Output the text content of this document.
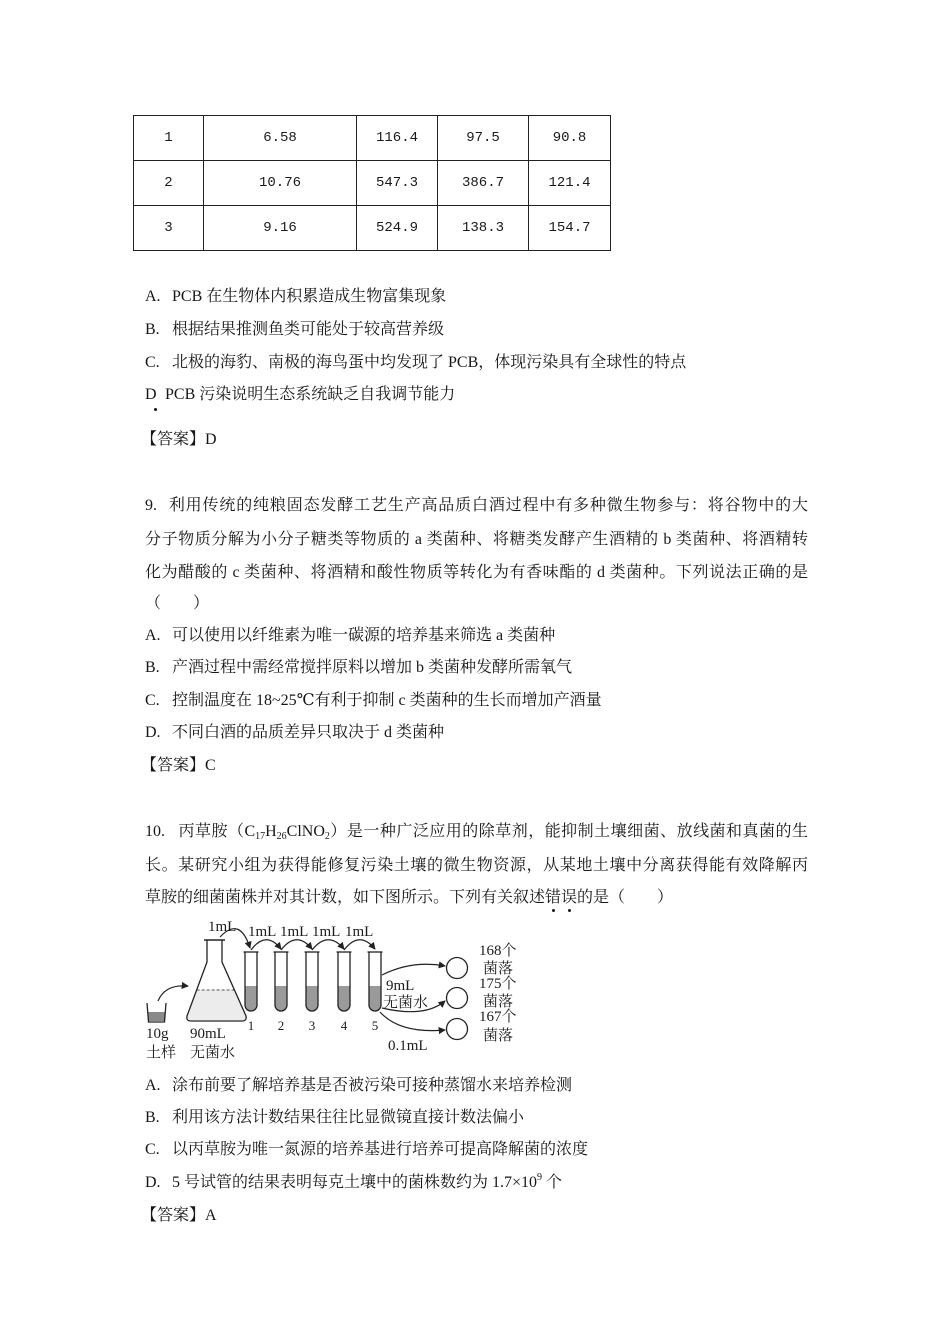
1	6.58	116.4	97.5	90.8
2	10.76	547.3	386.7	121.4
3	9.16	524.9	138.3	154.7
A. PCB 在生物体内积累造成生物富集现象
B. 根据结果推测鱼类可能处于较高营养级
C. 北极的海豹、南极的海鸟蛋中均发现了 PCB，体现污染具有全球性的特点
D PCB 污染说明生态系统缺乏自我调节能力
【答案】D
9. 利用传统的纯粮固态发酵工艺生产高品质白酒过程中有多种微生物参与：将谷物中的大
分子物质分解为小分子糖类等物质的 a 类菌种、将糖类发酵产生酒精的 b 类菌种、将酒精转
化为醋酸的 c 类菌种、将酒精和酸性物质等转化为有香味酯的 d 类菌种。下列说法正确的是
（　　）
A. 可以使用以纤维素为唯一碳源的培养基来筛选 a 类菌种
B. 产酒过程中需经常搅拌原料以增加 b 类菌种发酵所需氧气
C. 控制温度在 18~25℃有利于抑制 c 类菌种的生长而增加产酒量
D. 不同白酒的品质差异只取决于 d 类菌种
【答案】C
10. 丙草胺$(C_{17}H_{26}ClNO_2)$是一种广泛应用的除草剂，能抑制土壤细菌、放线菌和真菌的生
长。某研究小组为获得能修复污染土壤的微生物资源，从某地土壤中分离获得能有效降解丙
草胺的细菌菌株并对其计数，如下图所示。下列有关叙述错误的是（　　）
10g
土样
90mL
无菌水
1mL 1mL 1mL 1mL 1mL
1 2 3 4 5
9mL
无菌水
0.1mL
168个
菌落
175个
菌落
167个
菌落
A. 涂布前要了解培养基是否被污染可接种蒸馏水来培养检测
B. 利用该方法计数结果往往比显微镜直接计数法偏小
C. 以丙草胺为唯一氮源的培养基进行培养可提高降解菌的浓度
D. 5 号试管的结果表明每克土壤中的菌株数约为 $1.7\times 10^9$ 个
【答案】A
